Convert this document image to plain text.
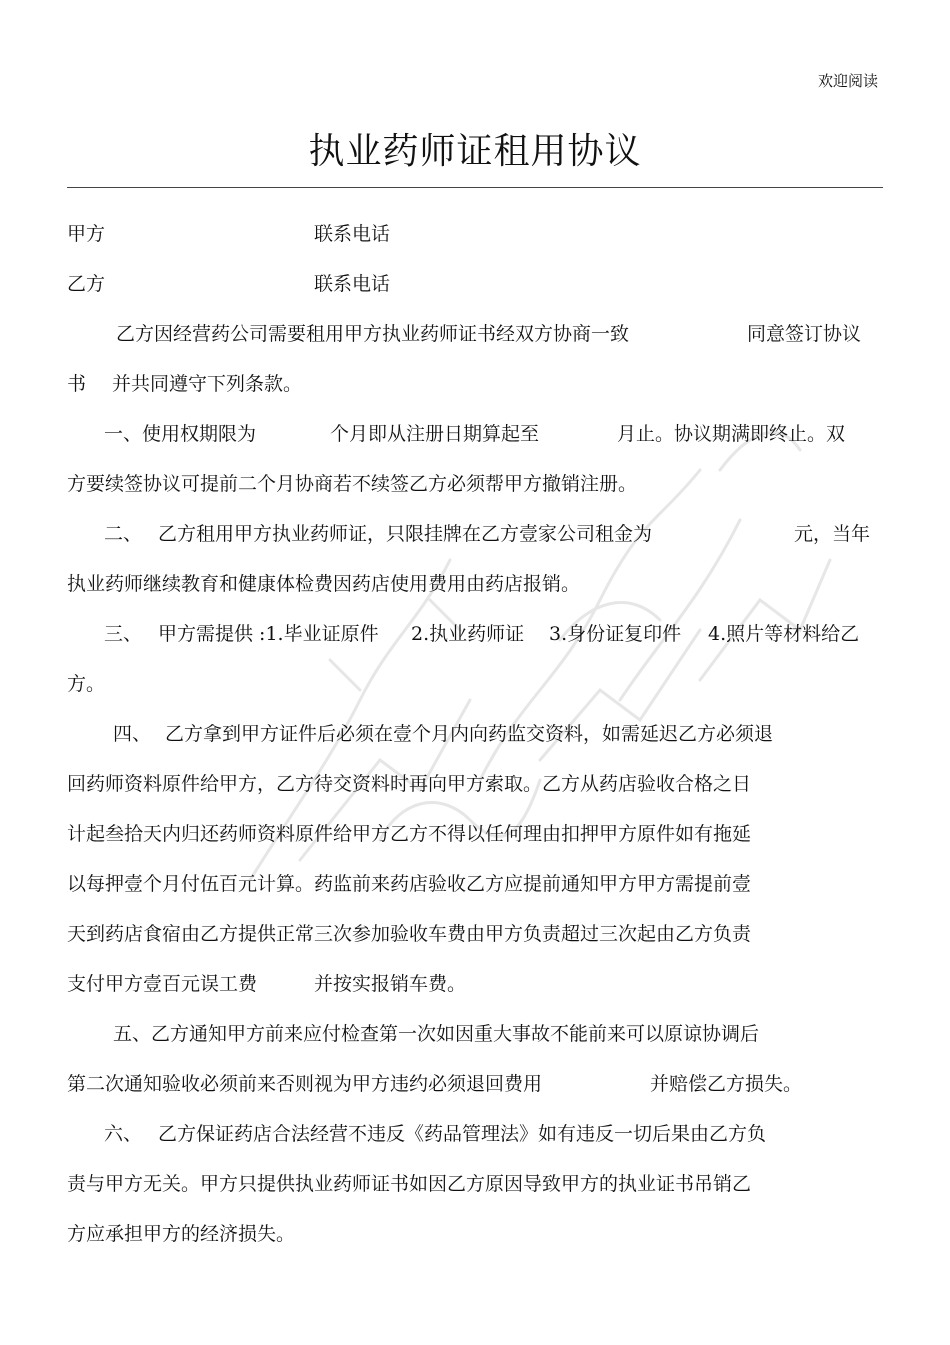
欢迎阅读
执业药师证租用协议
甲方	联系电话
乙方	联系电话
乙方因经营药公司需要租用甲方执业药师证书经双方协商一致	同意签订协议
书 并共同遵守下列条款。
一、使用权期限为	个月即从注册日期算起至	月止。协议期满即终止。双
方要续签协议可提前二个月协商若不续签乙方必须帮甲方撤销注册。
二、 乙方租用甲方执业药师证，只限挂牌在乙方壹家公司租金为	元，当年
执业药师继续教育和健康体检费因药店使用费用由药店报销。
三、 甲方需提供 :1.毕业证原件 2.执业药师证 3.身份证复印件 4.照片等材料给乙
方。
四、 乙方拿到甲方证件后必须在壹个月内向药监交资料，如需延迟乙方必须退
回药师资料原件给甲方，乙方待交资料时再向甲方索取。乙方从药店验收合格之日
计起叁拾天内归还药师资料原件给甲方乙方不得以任何理由扣押甲方原件如有拖延
以每押壹个月付伍百元计算。药监前来药店验收乙方应提前通知甲方甲方需提前壹
天到药店食宿由乙方提供正常三次参加验收车费由甲方负责超过三次起由乙方负责
支付甲方壹百元误工费	并按实报销车费。
五、乙方通知甲方前来应付检查第一次如因重大事故不能前来可以原谅协调后
第二次通知验收必须前来否则视为甲方违约必须退回费用	并赔偿乙方损失。
六、 乙方保证药店合法经营不违反《药品管理法》如有违反一切后果由乙方负
责与甲方无关。甲方只提供执业药师证书如因乙方原因导致甲方的执业证书吊销乙
方应承担甲方的经济损失。
